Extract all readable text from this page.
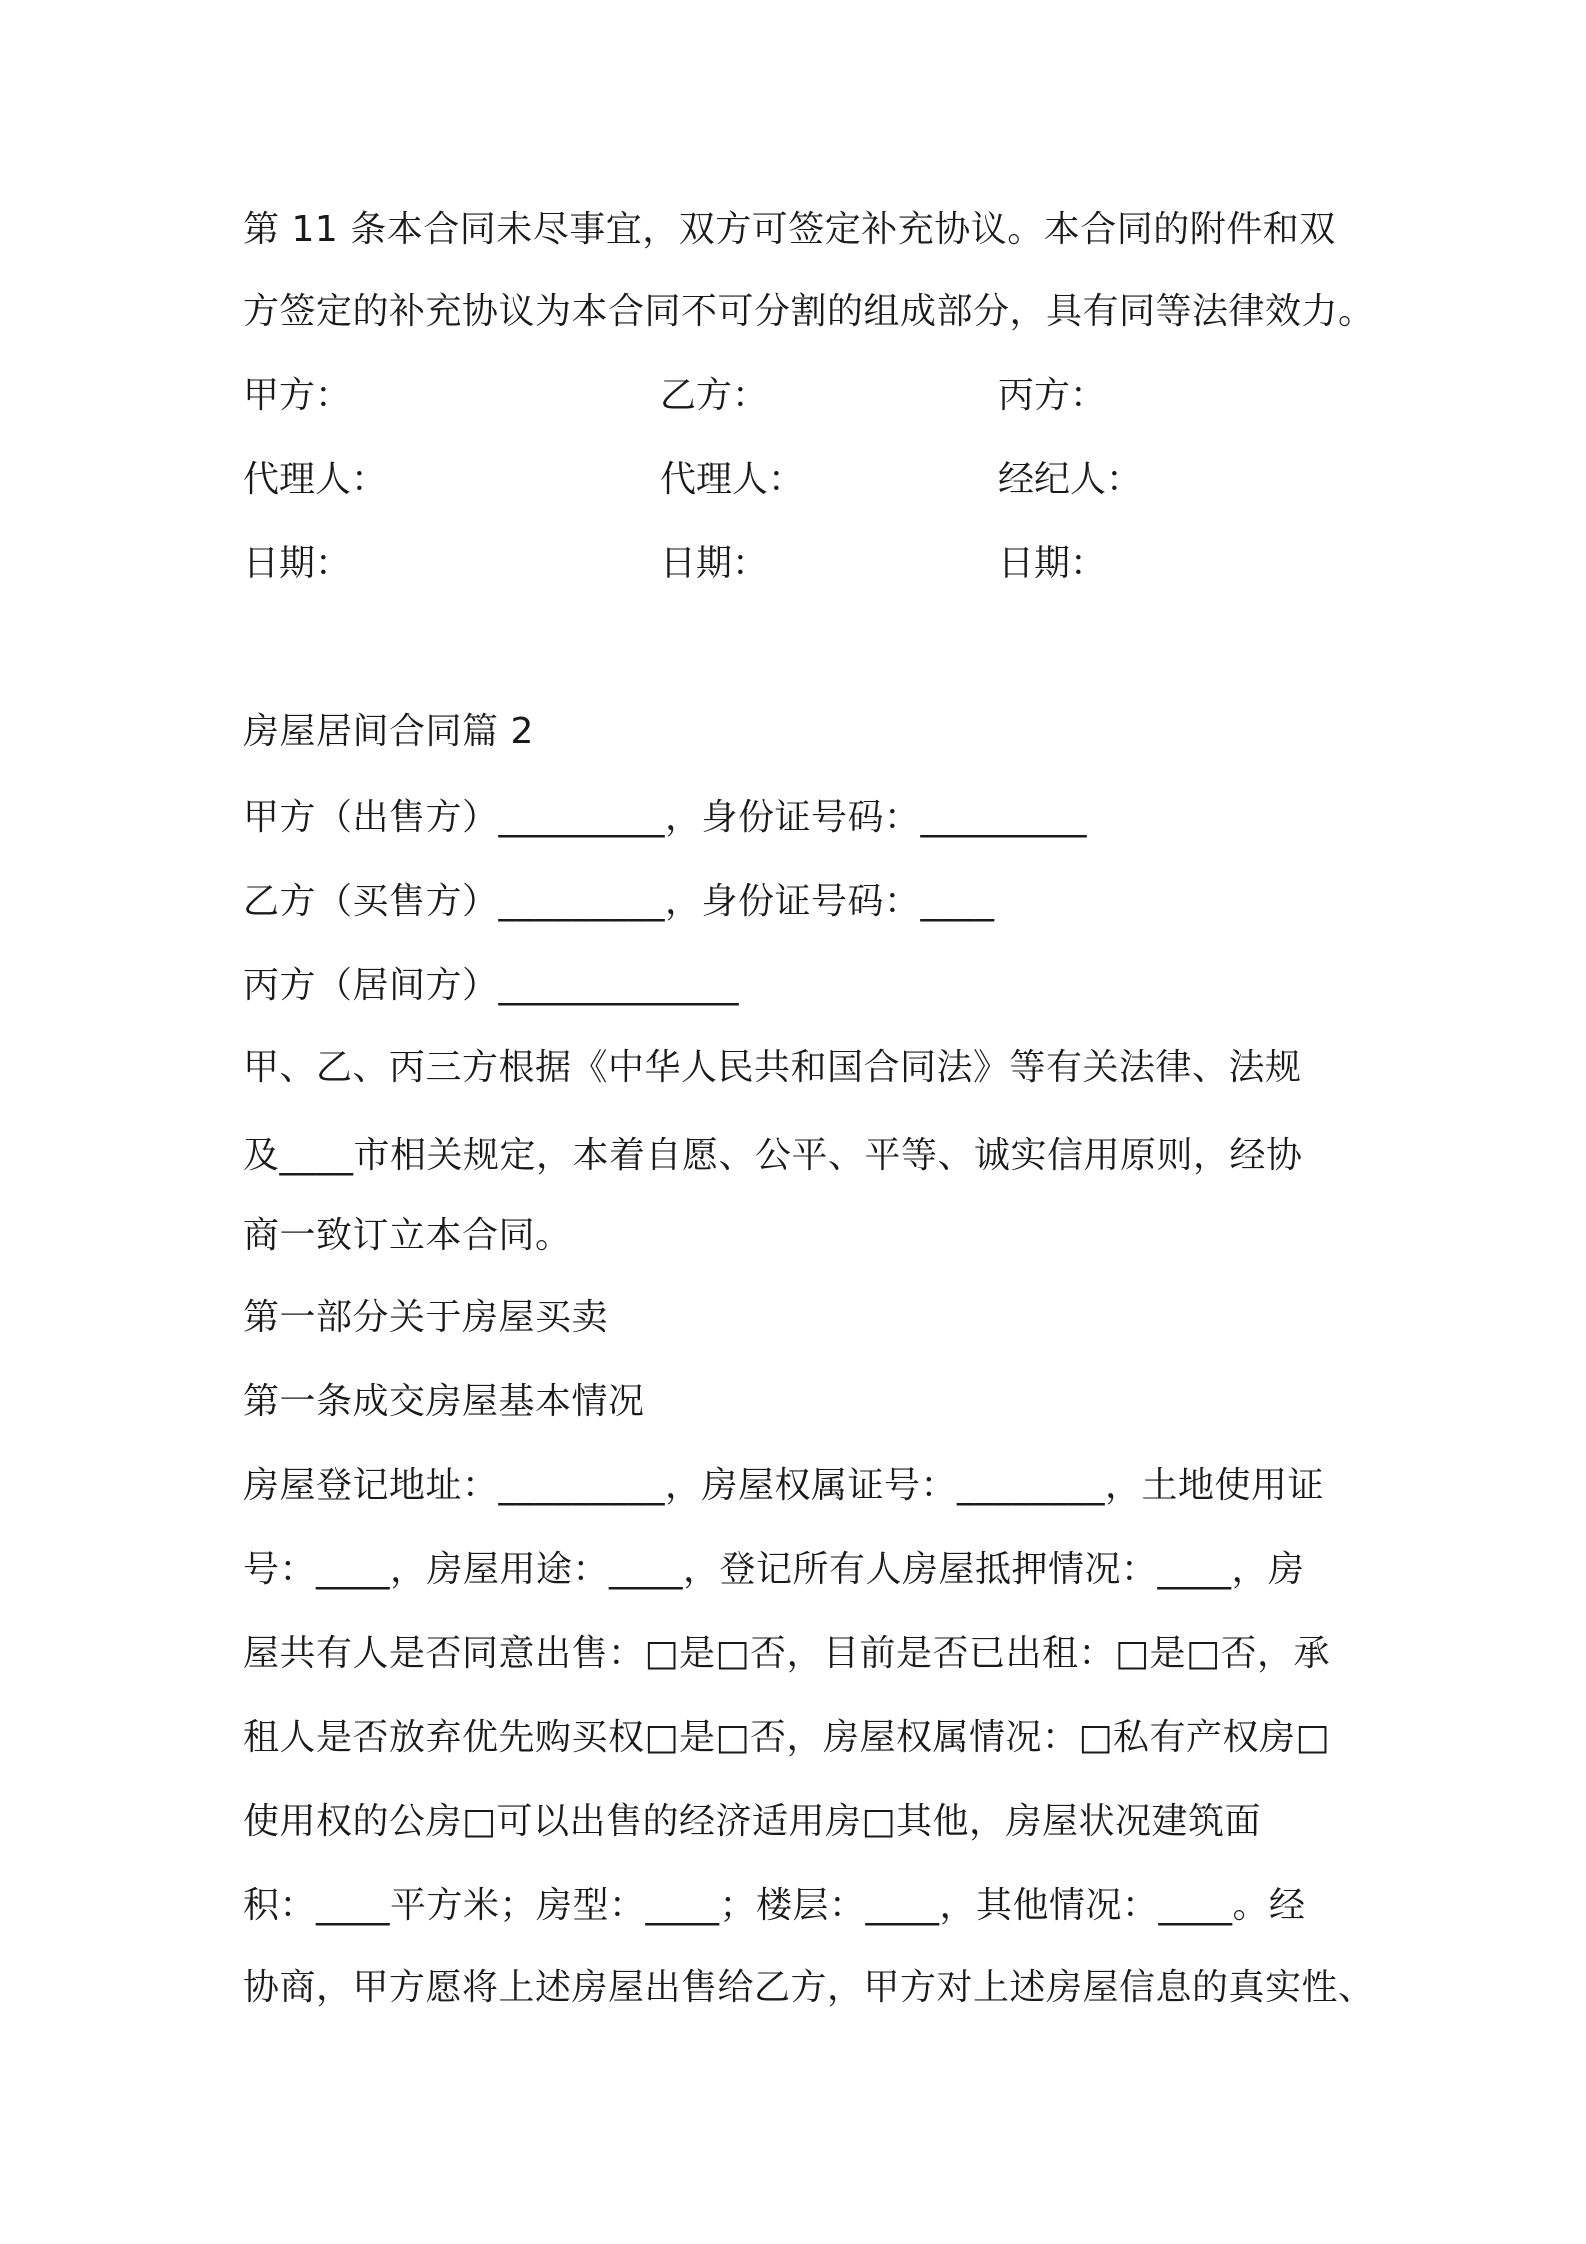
第 11 条本合同未尽事宜，双方可签定补充协议。本合同的附件和双
方签定的补充协议为本合同不可分割的组成部分，具有同等法律效力。
甲方：	乙方：	丙方：
代理人：	代理人：	经纪人：
日期：	日期：	日期：
房屋居间合同篇 2
甲方（出售方）_________，身份证号码：_________
乙方（买售方）_________，身份证号码：____
丙方（居间方）_____________
甲、乙、丙三方根据《中华人民共和国合同法》等有关法律、法规
及____市相关规定，本着自愿、公平、平等、诚实信用原则，经协
商一致订立本合同。
第一部分关于房屋买卖
第一条成交房屋基本情况
房屋登记地址：_________，房屋权属证号：________，土地使用证
号：____，房屋用途：____，登记所有人房屋抵押情况：____，房
屋共有人是否同意出售：□是□否，目前是否已出租：□是□否，承
租人是否放弃优先购买权□是□否，房屋权属情况：□私有产权房□
使用权的公房□可以出售的经济适用房□其他，房屋状况建筑面
积：____平方米；房型：____；楼层：____，其他情况：____。经
协商，甲方愿将上述房屋出售给乙方，甲方对上述房屋信息的真实性、
